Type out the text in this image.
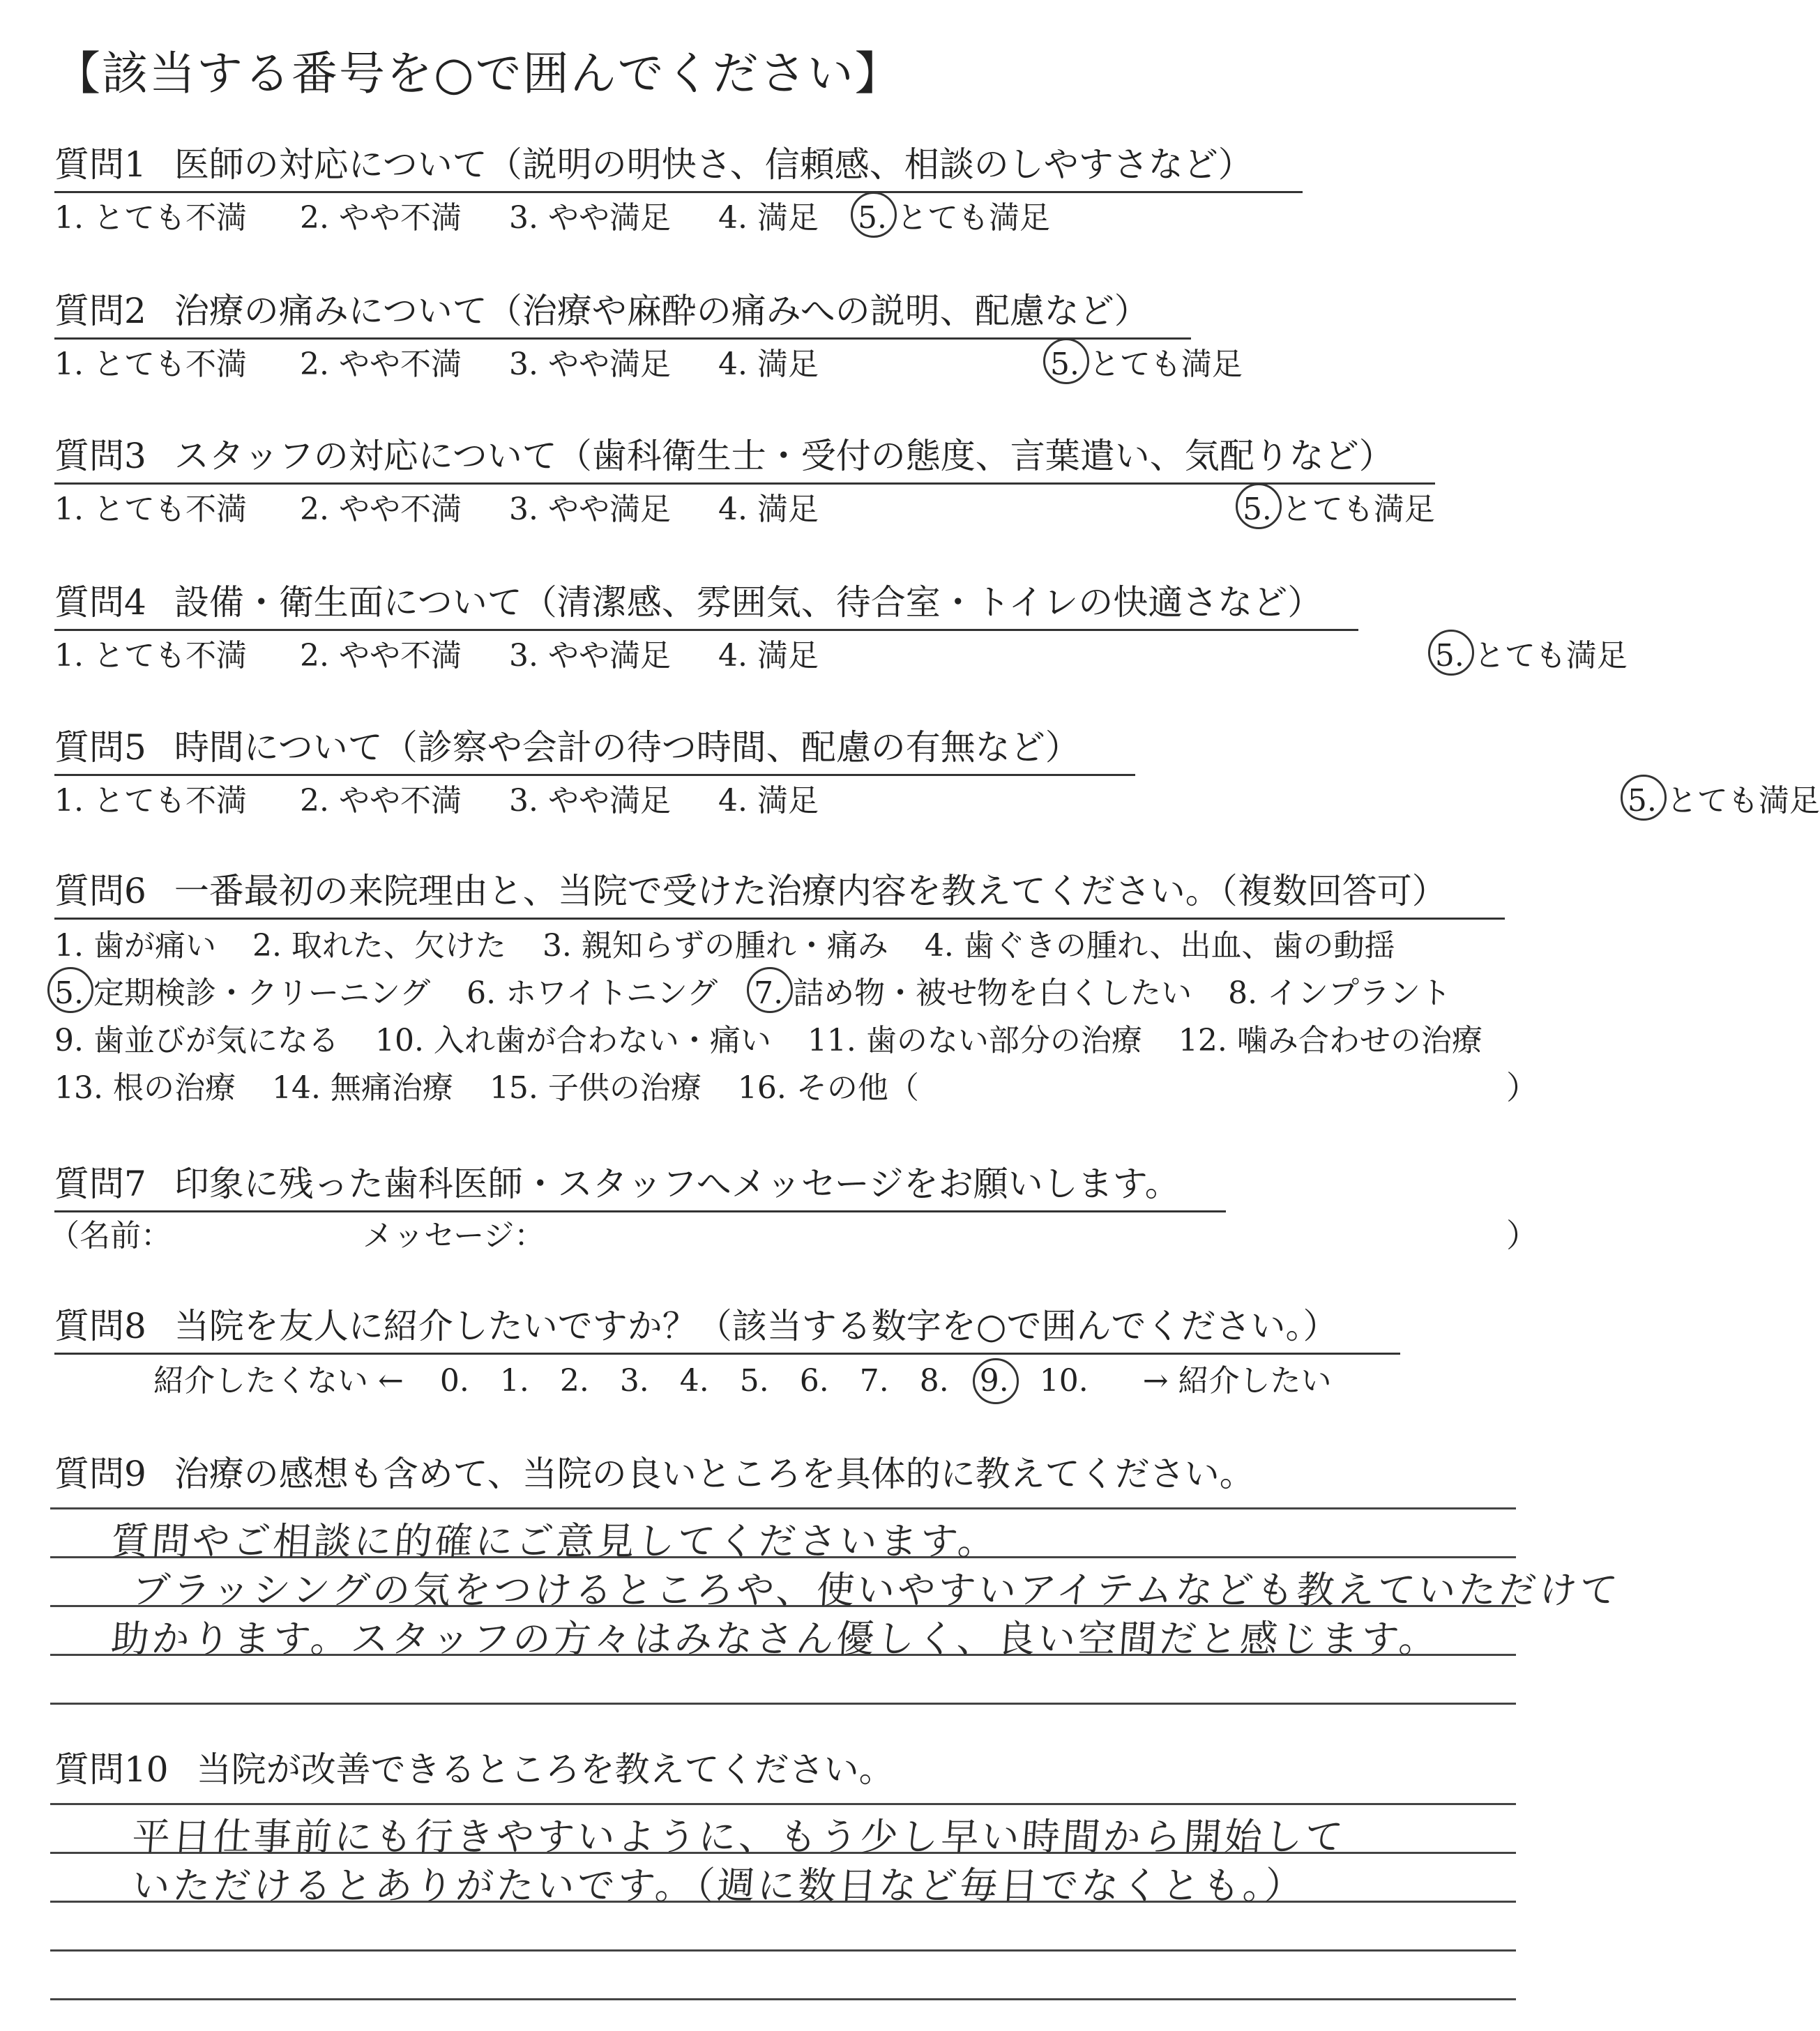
【該当する番号を○で囲んでください】
質問1 医師の対応について（説明の明快さ、信頼感、相談のしやすさなど）
1. とても不満 2. やや不満 3. やや満足 4. 満足 5. とても満足
質問2 治療の痛みについて（治療や麻酔の痛みへの説明、配慮など）
1. とても不満 2. やや不満 3. やや満足 4. 満足	5. とても満足
質問3 スタッフの対応について（歯科衛生士・受付の態度、言葉遣い、気配りなど）
1. とても不満 2. やや不満 3. やや満足 4. 満足	5. とても満足
質問4 設備・衛生面について（清潔感、雰囲気、待合室・トイレの快適さなど）
1. とても不満 2. やや不満 3. やや満足 4. 満足	5. とても満足
質問5 時間について（診察や会計の待つ時間、配慮の有無など）
1. とても不満 2. やや不満 3. やや満足 4. 満足	5. とても満足
質問6 一番最初の来院理由と、当院で受けた治療内容を教えてください。（複数回答可）
1. 歯が痛い 2. 取れた、欠けた 3. 親知らずの腫れ・痛み 4. 歯ぐきの腫れ、出血、歯の動揺
5. 定期検診・クリーニング 6. ホワイトニング 7. 詰め物・被せ物を白くしたい 8. インプラント
9. 歯並びが気になる 10. 入れ歯が合わない・痛い 11. 歯のない部分の治療 12. 噛み合わせの治療
13. 根の治療 14. 無痛治療 15. 子供の治療 16. その他（	）
質問7 印象に残った歯科医師・スタッフへメッセージをお願いします。
（名前：	メッセージ：	）
質問8 当院を友人に紹介したいですか？（該当する数字を○で囲んでください。）
紹介したくない ← 0. 1. 2. 3. 4. 5. 6. 7. 8. 9. 10. → 紹介したい
質問9 治療の感想も含めて、当院の良いところを具体的に教えてください。
質問やご相談に的確にご意見してくださいます。
ブラッシングの気をつけるところや、使いやすいアイテムなども教えていただけて
助かります。スタッフの方々はみなさん優しく、良い空間だと感じます。
質問10 当院が改善できるところを教えてください。
平日仕事前にも行きやすいように、もう少し早い時間から開始して
いただけるとありがたいです。（週に数日など毎日でなくとも。）
